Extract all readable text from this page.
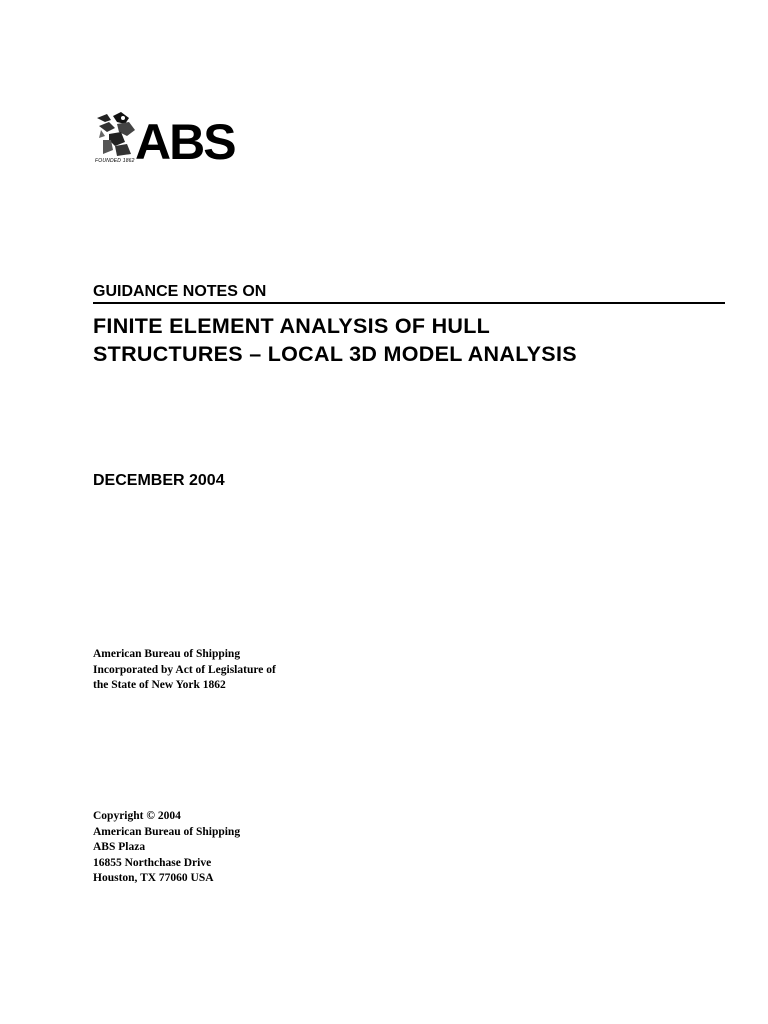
FOUNDED 1862 ABS
GUIDANCE NOTES ON
FINITE ELEMENT ANALYSIS OF HULL
STRUCTURES – LOCAL 3D MODEL ANALYSIS
DECEMBER 2004
American Bureau of Shipping
Incorporated by Act of Legislature of
the State of New York 1862
Copyright © 2004
American Bureau of Shipping
ABS Plaza
16855 Northchase Drive
Houston, TX 77060 USA
